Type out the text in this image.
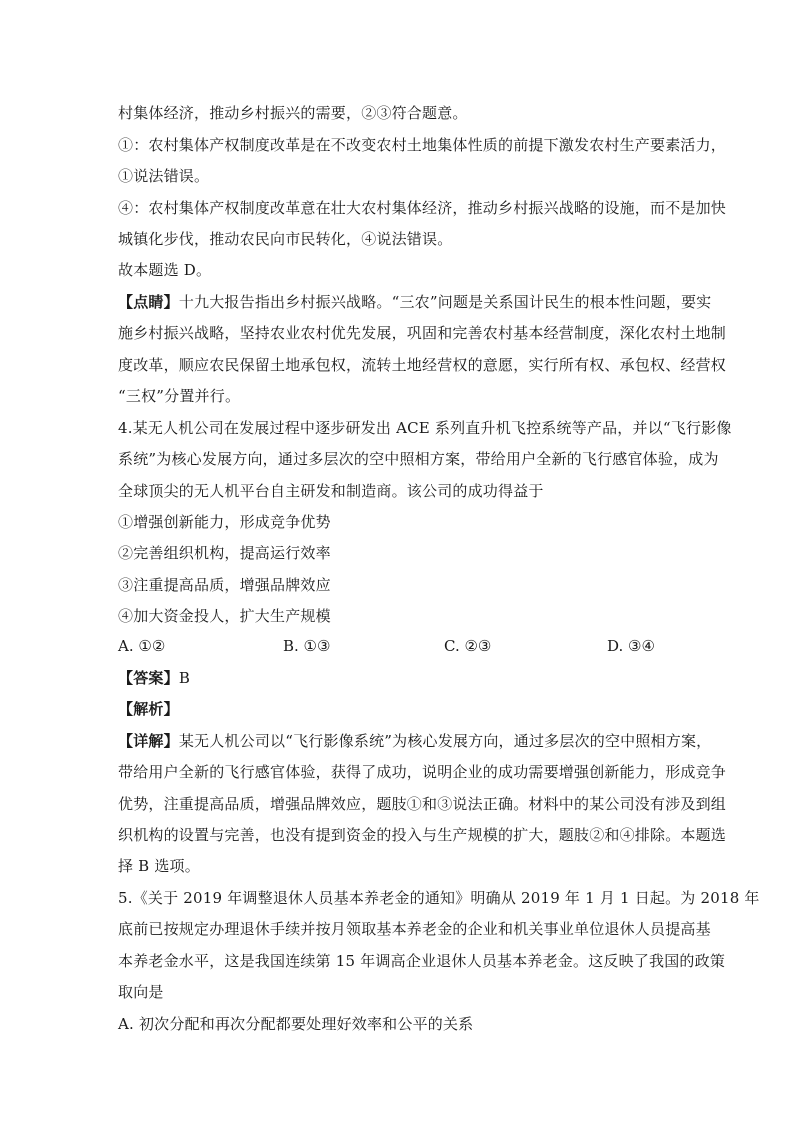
村集体经济，推动乡村振兴的需要，②③符合题意。
①：农村集体产权制度改革是在不改变农村土地集体性质的前提下激发农村生产要素活力，
①说法错误。
④：农村集体产权制度改革意在壮大农村集体经济，推动乡村振兴战略的设施，而不是加快
城镇化步伐，推动农民向市民转化，④说法错误。
故本题选 D。
【点睛】十九大报告指出乡村振兴战略。“三农”问题是关系国计民生的根本性问题，要实
施乡村振兴战略，坚持农业农村优先发展，巩固和完善农村基本经营制度，深化农村土地制
度改革，顺应农民保留土地承包权，流转土地经营权的意愿，实行所有权、承包权、经营权
“三权”分置并行。
4.某无人机公司在发展过程中逐步研发出 ACE 系列直升机飞控系统等产品，并以“飞行影像
系统”为核心发展方向，通过多层次的空中照相方案，带给用户全新的飞行感官体验，成为
全球顶尖的无人机平台自主研发和制造商。该公司的成功得益于
①增强创新能力，形成竞争优势
②完善组织机构，提高运行效率
③注重提高品质，增强品牌效应
④加大资金投人，扩大生产规模
A. ①②	B. ①③	C. ②③	D. ③④
【答案】B
【解析】
【详解】某无人机公司以“飞行影像系统”为核心发展方向，通过多层次的空中照相方案，
带给用户全新的飞行感官体验，获得了成功，说明企业的成功需要增强创新能力，形成竞争
优势，注重提高品质，增强品牌效应，题肢①和③说法正确。材料中的某公司没有涉及到组
织机构的设置与完善，也没有提到资金的投入与生产规模的扩大，题肢②和④排除。本题选
择 B 选项。
5.《关于 2019 年调整退休人员基本养老金的通知》明确从 2019 年 1 月 1 日起。为 2018 年
底前已按规定办理退休手续并按月领取基本养老金的企业和机关事业单位退休人员提高基
本养老金水平，这是我国连续第 15 年调高企业退休人员基本养老金。这反映了我国的政策
取向是
A. 初次分配和再次分配都要处理好效率和公平的关系
